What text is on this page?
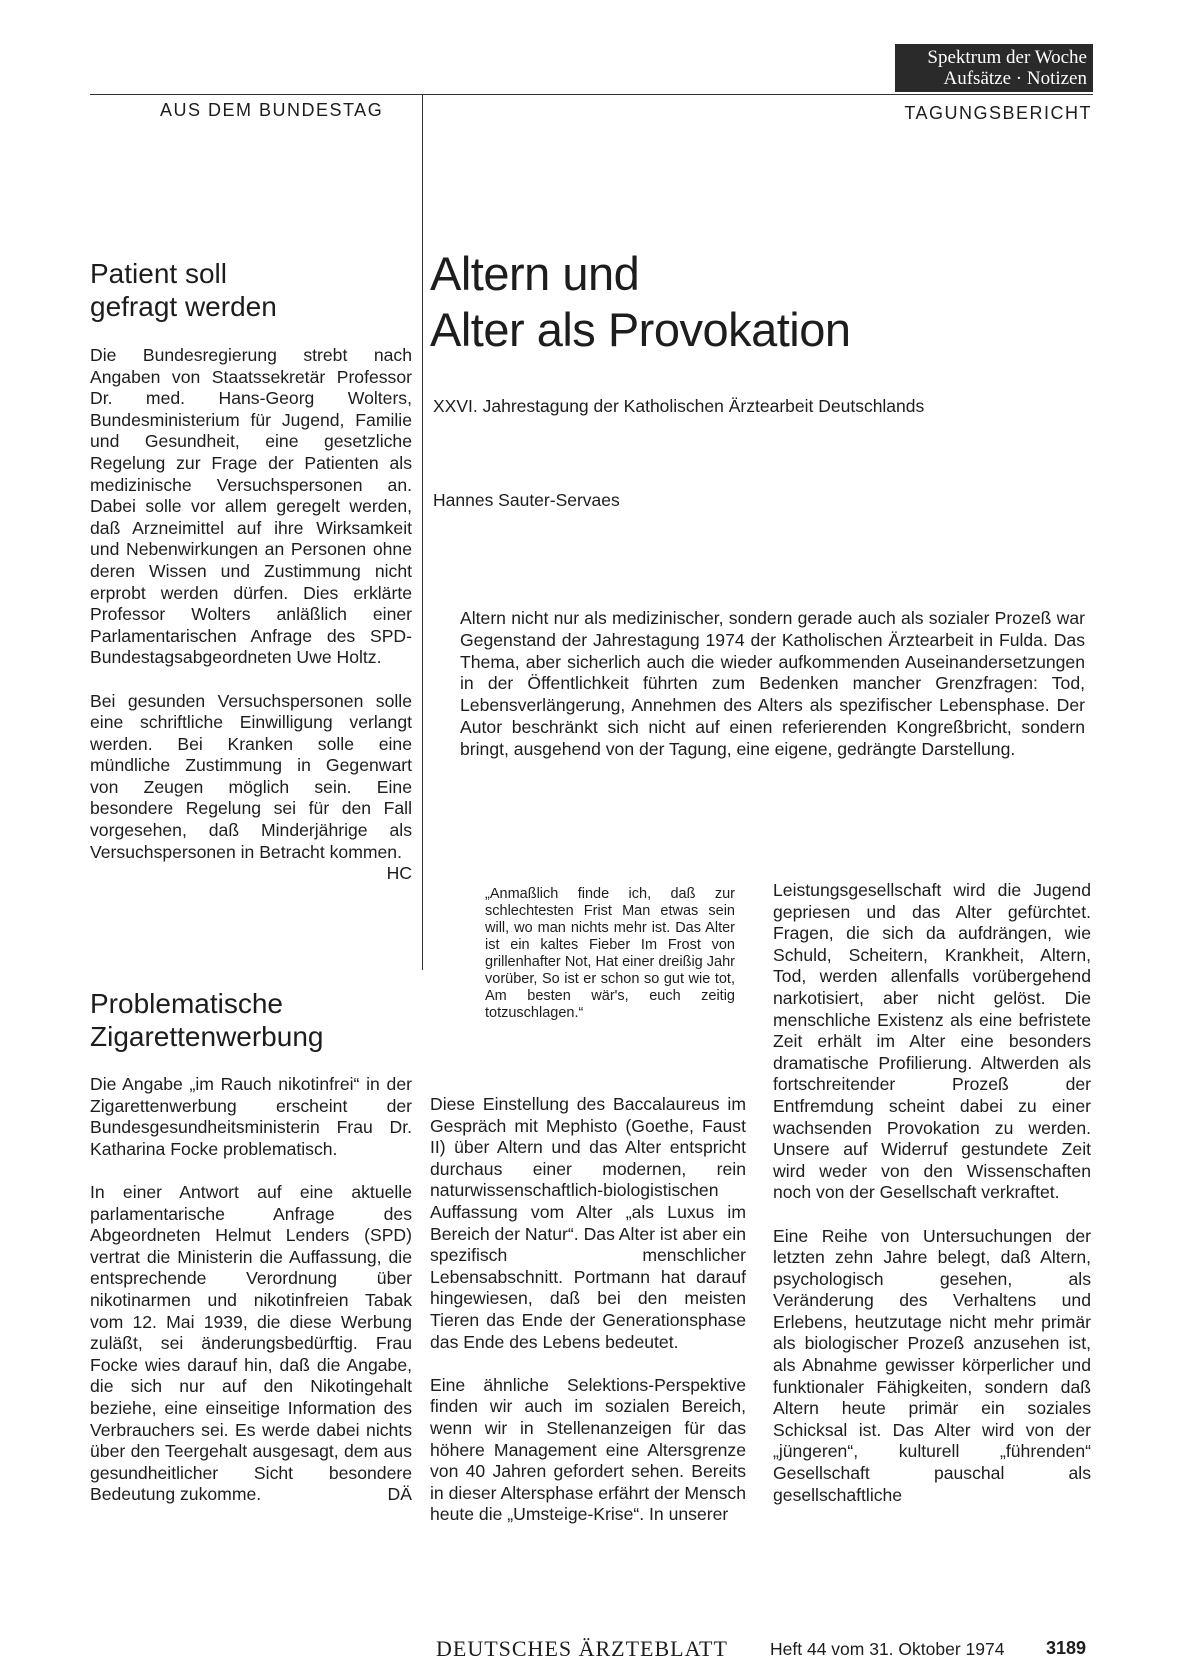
Spektrum der Woche
Aufsätze · Notizen
AUS DEM BUNDESTAG	TAGUNGSBERICHT
Patient soll
gefragt werden

Die Bundesregierung strebt nach Angaben von Staatssekretär Professor Dr. med. Hans-Georg Wolters, Bundesministerium für Jugend, Familie und Gesundheit, eine gesetzliche Regelung zur Frage der Patienten als medizinische Versuchspersonen an. Dabei solle vor allem geregelt werden, daß Arzneimittel auf ihre Wirksamkeit und Nebenwirkungen an Personen ohne deren Wissen und Zustimmung nicht erprobt werden dürfen. Dies erklärte Professor Wolters anläßlich einer Parlamentarischen Anfrage des SPD-Bundestagsabgeordneten Uwe Holtz.

Bei gesunden Versuchspersonen solle eine schriftliche Einwilligung verlangt werden. Bei Kranken solle eine mündliche Zustimmung in Gegenwart von Zeugen möglich sein. Eine besondere Regelung sei für den Fall vorgesehen, daß Minderjährige als Versuchspersonen in Betracht kommen.
HC

Problematische
Zigarettenwerbung

Die Angabe „im Rauch nikotinfrei“ in der Zigarettenwerbung erscheint der Bundesgesundheitsministerin Frau Dr. Katharina Focke problematisch.

In einer Antwort auf eine aktuelle parlamentarische Anfrage des Abgeordneten Helmut Lenders (SPD) vertrat die Ministerin die Auffassung, die entsprechende Verordnung über nikotinarmen und nikotinfreien Tabak vom 12. Mai 1939, die diese Werbung zuläßt, sei änderungsbedürftig. Frau Focke wies darauf hin, daß die Angabe, die sich nur auf den Nikotingehalt beziehe, eine einseitige Information des Verbrauchers sei. Es werde dabei nichts über den Teergehalt ausgesagt, dem aus gesundheitlicher Sicht besondere Bedeutung zukomme.	DÄ

Altern und
Alter als Provokation
XXVI. Jahrestagung der Katholischen Ärztearbeit Deutschlands
Hannes Sauter-Servaes
Altern nicht nur als medizinischer, sondern gerade auch als sozialer Prozeß war Gegenstand der Jahrestagung 1974 der Katholischen Ärztearbeit in Fulda. Das Thema, aber sicherlich auch die wieder aufkommenden Auseinandersetzungen in der Öffentlichkeit führten zum Bedenken mancher Grenzfragen: Tod, Lebensverlängerung, Annehmen des Alters als spezifischer Lebensphase. Der Autor beschränkt sich nicht auf einen referierenden Kongreßbricht, sondern bringt, ausgehend von der Tagung, eine eigene, gedrängte Darstellung.
„Anmaßlich finde ich, daß zur schlechtesten Frist Man etwas sein will, wo man nichts mehr ist. Das Alter ist ein kaltes Fieber Im Frost von grillenhafter Not, Hat einer dreißig Jahr vorüber, So ist er schon so gut wie tot, Am besten wär's, euch zeitig totzuschlagen.“

Diese Einstellung des Baccalaureus im Gespräch mit Mephisto (Goethe, Faust II) über Altern und das Alter entspricht durchaus einer modernen, rein naturwissenschaftlich-biologistischen Auffassung vom Alter „als Luxus im Bereich der Natur“. Das Alter ist aber ein spezifisch menschlicher Lebensabschnitt. Portmann hat darauf hingewiesen, daß bei den meisten Tieren das Ende der Generationsphase das Ende des Lebens bedeutet.

Eine ähnliche Selektions-Perspektive finden wir auch im sozialen Bereich, wenn wir in Stellenanzeigen für das höhere Management eine Altersgrenze von 40 Jahren gefordert sehen. Bereits in dieser Altersphase erfährt der Mensch heute die „Umsteige-Krise“. In unserer

Leistungsgesellschaft wird die Jugend gepriesen und das Alter gefürchtet. Fragen, die sich da aufdrängen, wie Schuld, Scheitern, Krankheit, Altern, Tod, werden allenfalls vorübergehend narkotisiert, aber nicht gelöst. Die menschliche Existenz als eine befristete Zeit erhält im Alter eine besonders dramatische Profilierung. Altwerden als fortschreitender Prozeß der Entfremdung scheint dabei zu einer wachsenden Provokation zu werden. Unsere auf Widerruf gestundete Zeit wird weder von den Wissenschaften noch von der Gesellschaft verkraftet.

Eine Reihe von Untersuchungen der letzten zehn Jahre belegt, daß Altern, psychologisch gesehen, als Veränderung des Verhaltens und Erlebens, heutzutage nicht mehr primär als biologischer Prozeß anzusehen ist, als Abnahme gewisser körperlicher und funktionaler Fähigkeiten, sondern daß Altern heute primär ein soziales Schicksal ist. Das Alter wird von der „jüngeren“, kulturell „führenden“ Gesellschaft pauschal als gesellschaftliche

DEUTSCHES ÄRZTEBLATT Heft 44 vom 31. Oktober 1974 3189
